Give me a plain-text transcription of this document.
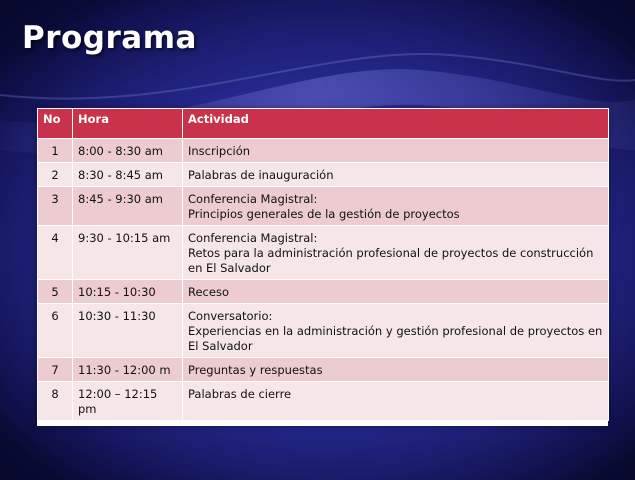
Programa
No	Hora	Actividad
1	8:00 - 8:30 am	Inscripción

2	8:30 - 8:45 am	Palabras de inauguración

3	8:45 - 9:30 am	Conferencia Magistral:
Principios generales de la gestión de proyectos

4	9:30 - 10:15 am	Conferencia Magistral:
Retos para la administración profesional de proyectos de construcción en El Salvador

5	10:15 - 10:30	Receso

6	10:30 - 11:30	Conversatorio:
Experiencias en la administración y gestión profesional de proyectos en El Salvador

7	11:30 - 12:00 m	Preguntas y respuestas

8	12:00 – 12:15 pm	Palabras de cierre
